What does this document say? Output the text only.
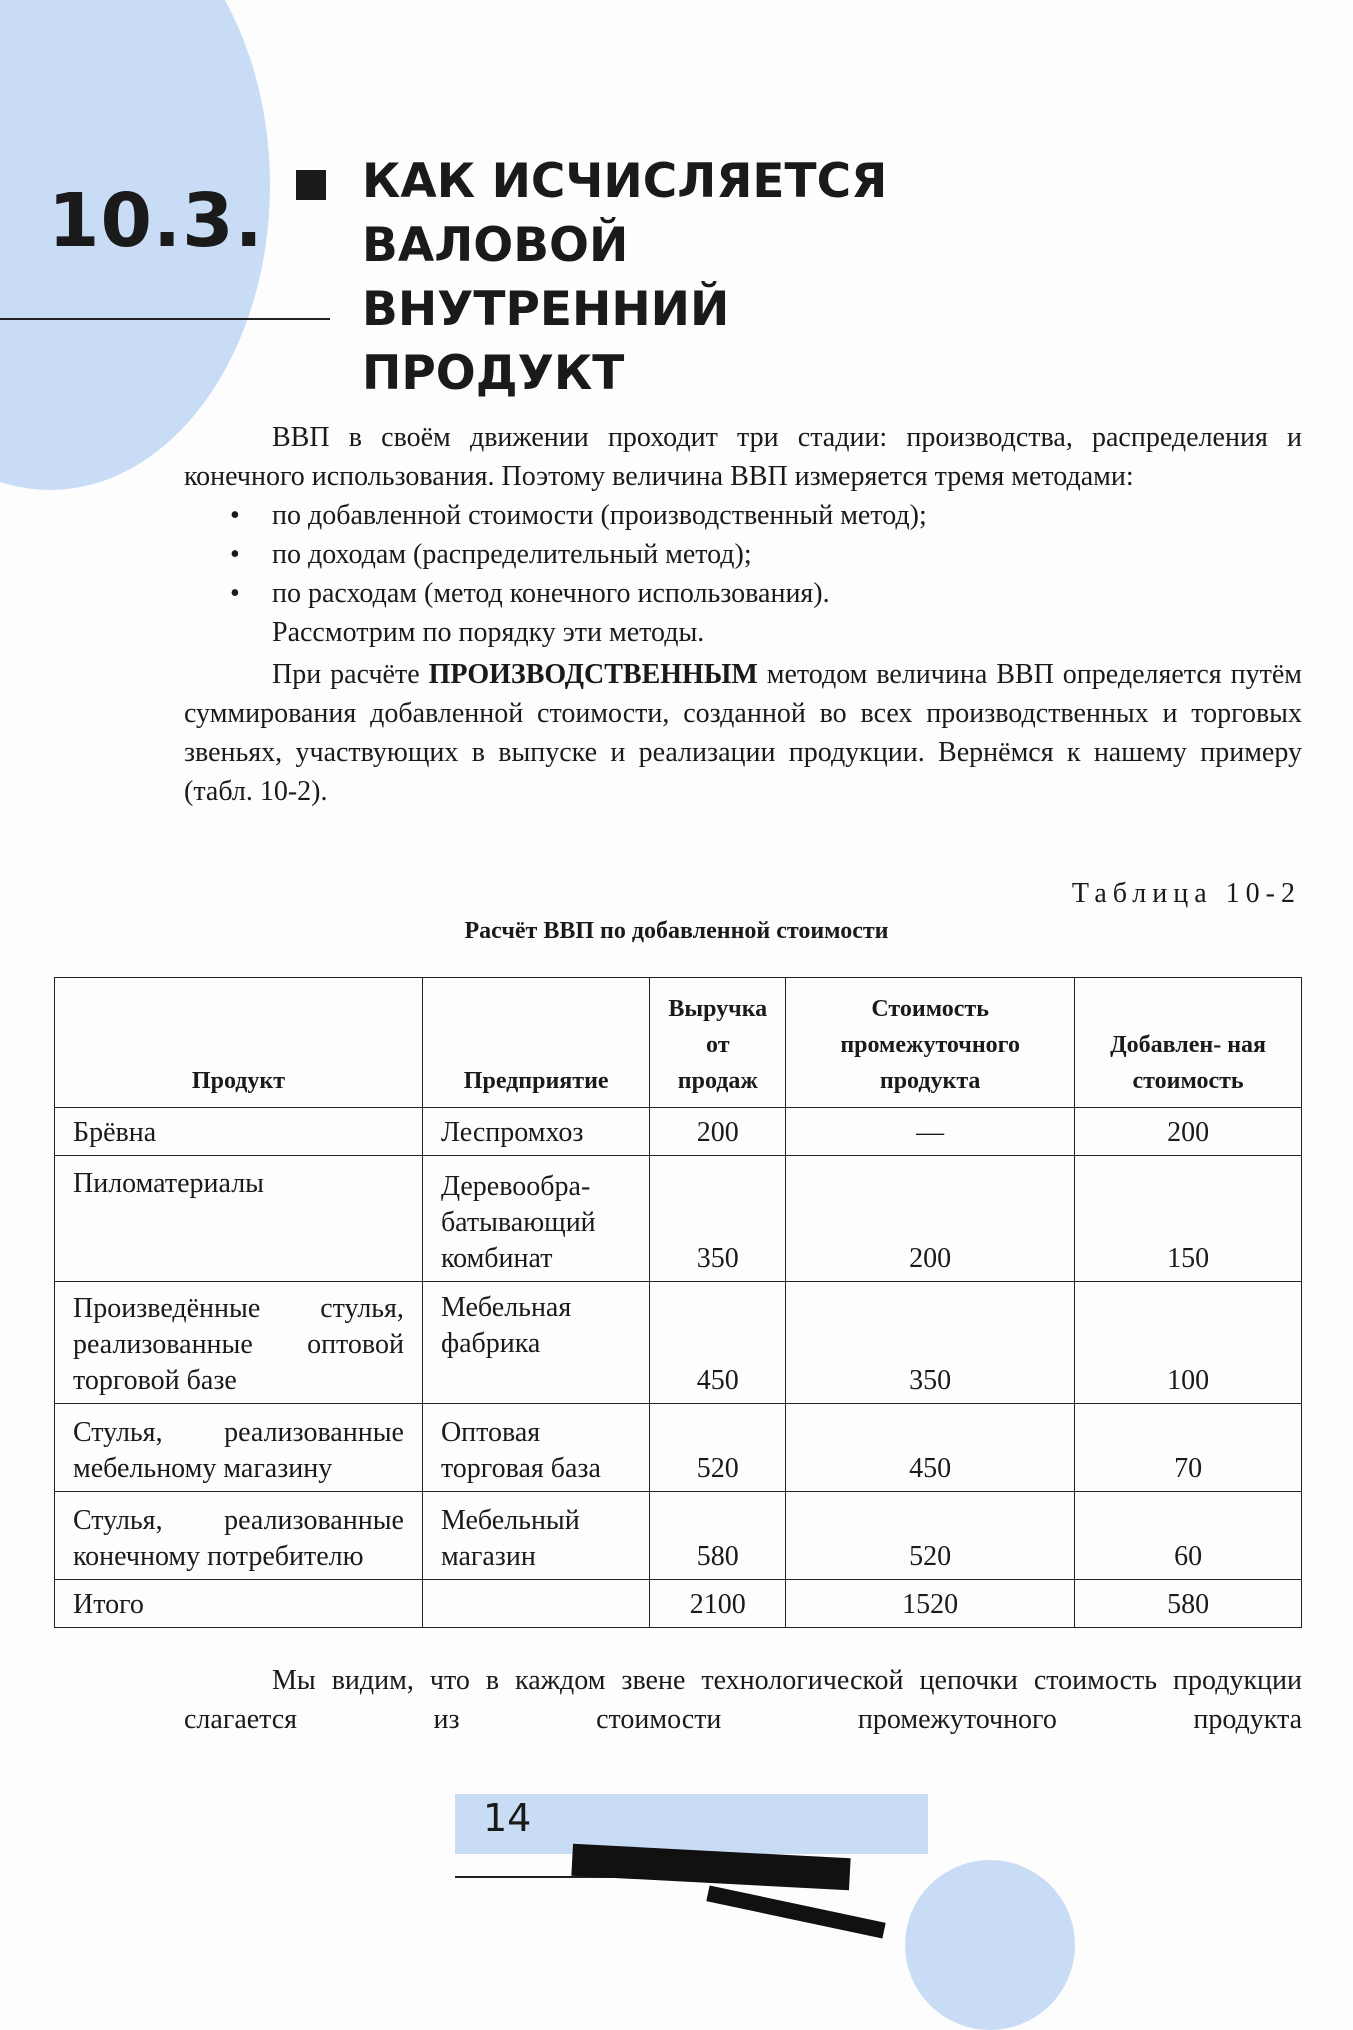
10.3. КАК ИСЧИСЛЯЕТСЯ ВАЛОВОЙ ВНУТРЕННИЙ ПРОДУКТ

ВВП в своём движении проходит три стадии: производства, распределения и конечного использования. Поэтому величина ВВП измеряется тремя методами:

• по добавленной стоимости (производственный метод);
• по доходам (распределительный метод);
• по расходам (метод конечного использования).

Рассмотрим по порядку эти методы.

При расчёте ПРОИЗВОДСТВЕННЫМ методом величина ВВП определяется путём суммирования добавленной стоимости, созданной во всех производственных и торговых звеньях, участвующих в выпуске и реализации продукции. Вернёмся к нашему примеру (табл. 10-2).

Таблица 10-2
Расчёт ВВП по добавленной стоимости
Продукт	Предприятие	Выручка от продаж	Стоимость промежуточного продукта	Добавлен- ная стоимость
Брёвна	Леспромхоз	200	—	200
Пиломатериалы	Деревообра- батывающий комбинат	350	200	150
Произведённые стулья, реализованные оптовой торговой базе	Мебельная фабрика	450	350	100
Стулья, реализованные мебельному магазину	Оптовая торговая база	520	450	70
Стулья, реализованные конечному потребителю	Мебельный магазин	580	520	60
Итого		2100	1520	580

Мы видим, что в каждом звене технологической цепочки стоимость продукции слагается из стоимости промежуточного продукта

14
